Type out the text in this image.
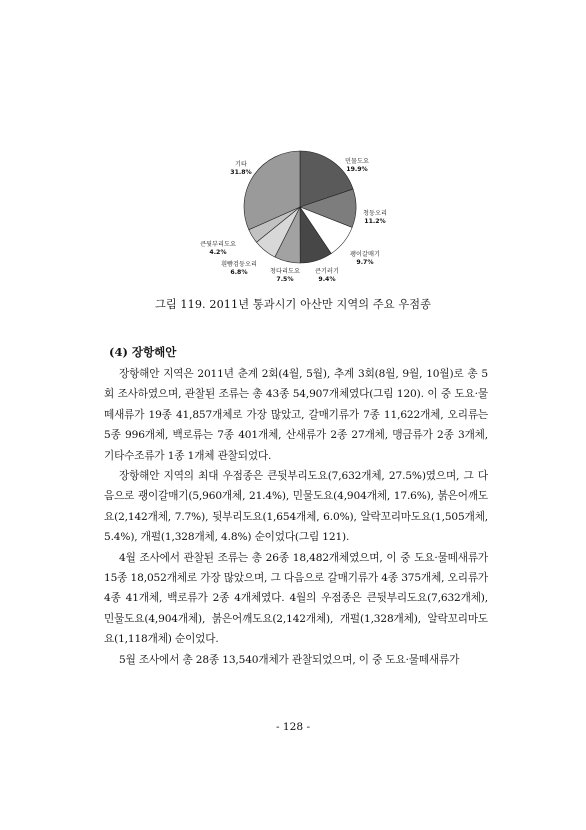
민물도요
19.9%
청둥오리
11.2%
괭이갈매기
9.7%
큰기러기
9.4%
청다리도요
7.5%
흰뺨검둥오리
6.8%
큰뒷부리도요
4.2%
기타
31.8%

그림 119. 2011년 통과시기 아산만 지역의 주요 우점종

(4) 장항해안

장항해안 지역은 2011년 춘계 2회(4월, 5월), 추계 3회(8월, 9월, 10월)로 총 5회 조사하였으며, 관찰된 조류는 총 43종 54,907개체였다(그림 120). 이 중 도요·물떼새류가 19종 41,857개체로 가장 많았고, 갈매기류가 7종 11,622개체, 오리류는 5종 996개체, 백로류는 7종 401개체, 산새류가 2종 27개체, 맹금류가 2종 3개체, 기타수조류가 1종 1개체 관찰되었다.

장항해안 지역의 최대 우점종은 큰뒷부리도요(7,632개체, 27.5%)였으며, 그 다음으로 괭이갈매기(5,960개체, 21.4%), 민물도요(4,904개체, 17.6%), 붉은어깨도요(2,142개체, 7.7%), 뒷부리도요(1,654개체, 6.0%), 알락꼬리마도요(1,505개체, 5.4%), 개펄(1,328개체, 4.8%) 순이었다(그림 121).

4월 조사에서 관찰된 조류는 총 26종 18,482개체였으며, 이 중 도요·물떼새류가 15종 18,052개체로 가장 많았으며, 그 다음으로 갈매기류가 4종 375개체, 오리류가 4종 41개체, 백로류가 2종 4개체였다. 4월의 우점종은 큰뒷부리도요(7,632개체), 민물도요(4,904개체), 붉은어깨도요(2,142개체), 개펄(1,328개체), 알락꼬리마도요(1,118개체) 순이었다.

5월 조사에서 총 28종 13,540개체가 관찰되었으며, 이 중 도요·물떼새류가

- 128 -
